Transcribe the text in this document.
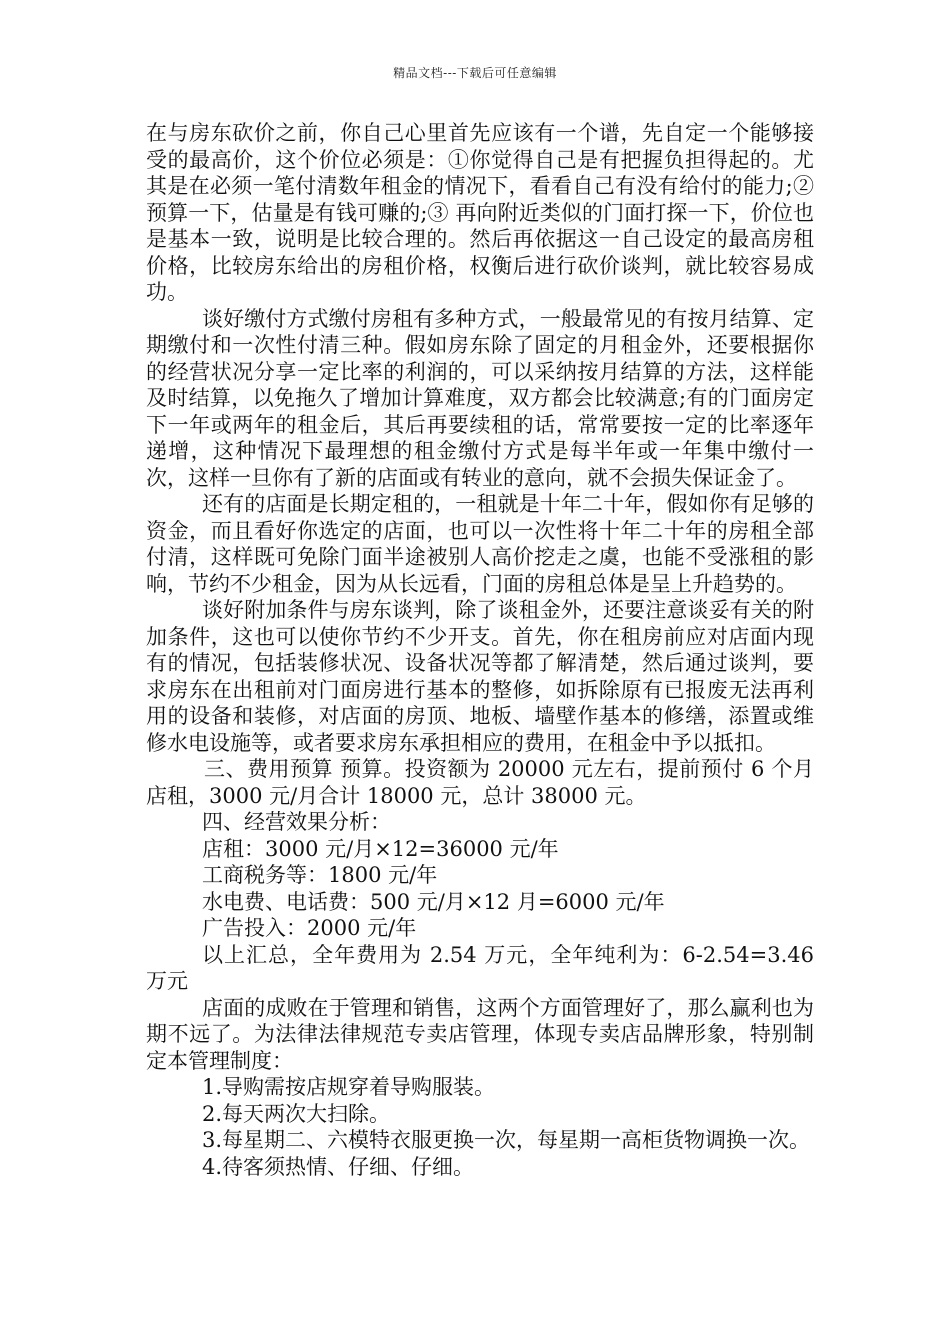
精品文档---下载后可任意编辑

在与房东砍价之前，你自己心里首先应该有一个谱，先自定一个能够接受的最高价，这个价位必须是：①你觉得自己是有把握负担得起的。尤其是在必须一笔付清数年租金的情况下，看看自己有没有给付的能力;② 预算一下，估量是有钱可赚的;③ 再向附近类似的门面打探一下，价位也是基本一致，说明是比较合理的。然后再依据这一自己设定的最高房租价格，比较房东给出的房租价格，权衡后进行砍价谈判，就比较容易成功。

谈好缴付方式缴付房租有多种方式，一般最常见的有按月结算、定期缴付和一次性付清三种。假如房东除了固定的月租金外，还要根据你的经营状况分享一定比率的利润的，可以采纳按月结算的方法，这样能及时结算，以免拖久了增加计算难度，双方都会比较满意;有的门面房定下一年或两年的租金后，其后再要续租的话，常常要按一定的比率逐年递增，这种情况下最理想的租金缴付方式是每半年或一年集中缴付一次，这样一旦你有了新的店面或有转业的意向，就不会损失保证金了。

还有的店面是长期定租的，一租就是十年二十年，假如你有足够的资金，而且看好你选定的店面，也可以一次性将十年二十年的房租全部付清，这样既可免除门面半途被别人高价挖走之虞，也能不受涨租的影响，节约不少租金，因为从长远看，门面的房租总体是呈上升趋势的。

谈好附加条件与房东谈判，除了谈租金外，还要注意谈妥有关的附加条件，这也可以使你节约不少开支。首先，你在租房前应对店面内现有的情况，包括装修状况、设备状况等都了解清楚，然后通过谈判，要求房东在出租前对门面房进行基本的整修，如拆除原有已报废无法再利用的设备和装修，对店面的房顶、地板、墙壁作基本的修缮，添置或维修水电设施等，或者要求房东承担相应的费用，在租金中予以抵扣。

三、费用预算 预算。投资额为 20000 元左右，提前预付 6 个月店租，3000 元/月合计 18000 元，总计 38000 元。

四、经营效果分析：

店租：3000 元/月×12=36000 元/年

工商税务等：1800 元/年

水电费、电话费：500 元/月×12 月=6000 元/年

广告投入：2000 元/年

以上汇总，全年费用为 2.54 万元，全年纯利为：6-2.54=3.46 万元

店面的成败在于管理和销售，这两个方面管理好了，那么赢利也为期不远了。为法律法律规范专卖店管理，体现专卖店品牌形象，特别制定本管理制度：

1.导购需按店规穿着导购服装。

2.每天两次大扫除。

3.每星期二、六模特衣服更换一次，每星期一高柜货物调换一次。

4.待客须热情、仔细、仔细。
